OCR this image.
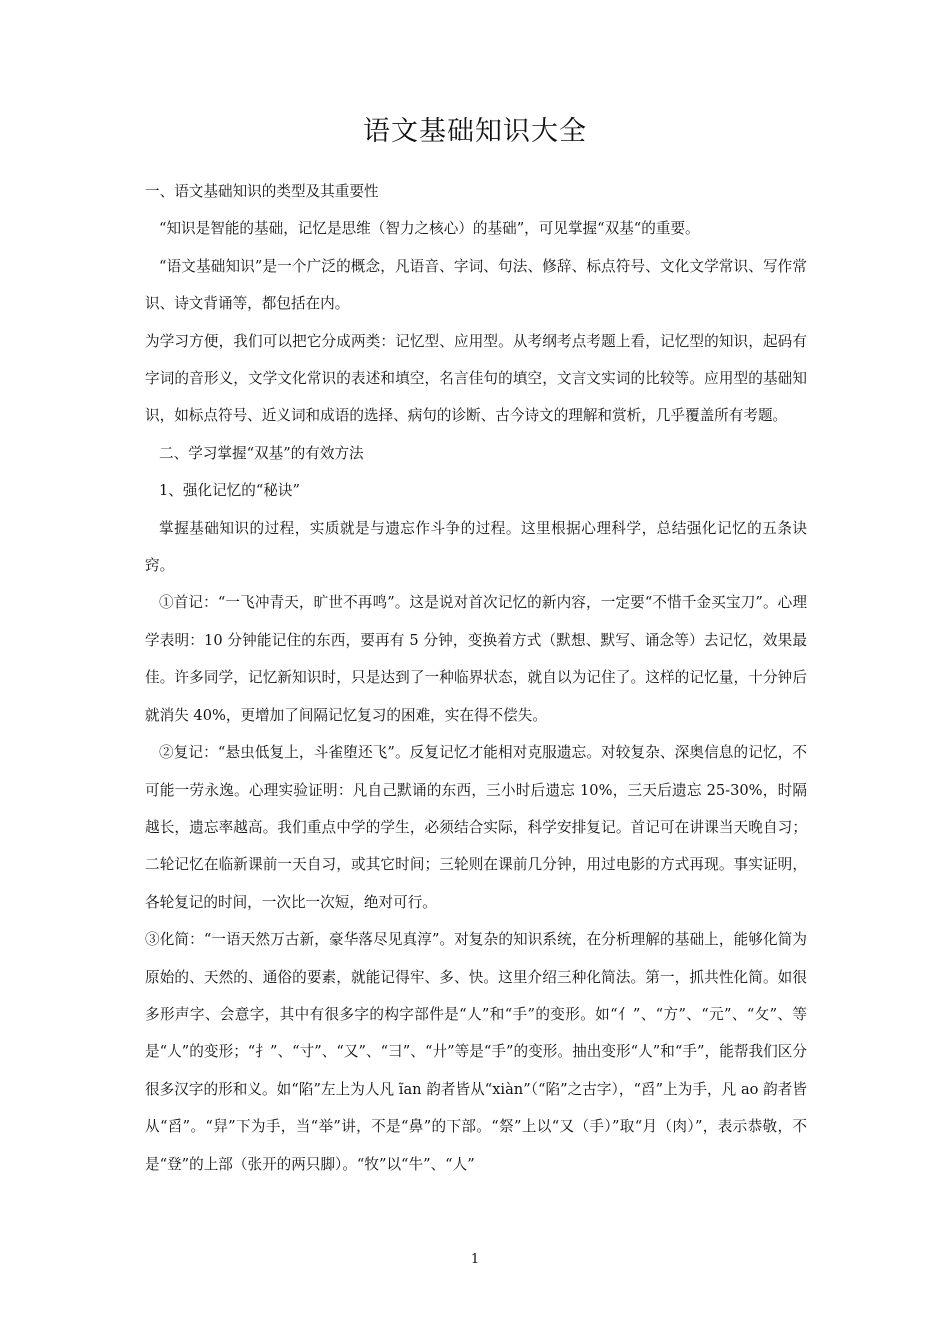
语文基础知识大全

一、语文基础知识的类型及其重要性

“知识是智能的基础，记忆是思维（智力之核心）的基础”，可见掌握“双基“的重要。

“语文基础知识”是一个广泛的概念，凡语音、字词、句法、修辞、标点符号、文化文学常识、写作常识、诗文背诵等，都包括在内。

为学习方便，我们可以把它分成两类：记忆型、应用型。从考纲考点考题上看，记忆型的知识，起码有字词的音形义，文学文化常识的表述和填空，名言佳句的填空，文言文实词的比较等。应用型的基础知识，如标点符号、近义词和成语的选择、病句的诊断、古今诗文的理解和赏析，几乎覆盖所有考题。

二、学习掌握“双基”的有效方法

1、强化记忆的“秘诀”

掌握基础知识的过程，实质就是与遗忘作斗争的过程。这里根据心理科学，总结强化记忆的五条诀窍。

①首记：“一飞冲青天，旷世不再鸣”。这是说对首次记忆的新内容，一定要“不惜千金买宝刀”。心理学表明：10 分钟能记住的东西，要再有 5 分钟，变换着方式（默想、默写、诵念等）去记忆，效果最佳。许多同学，记忆新知识时，只是达到了一种临界状态，就自以为记住了。这样的记忆量，十分钟后就消失 40%，更增加了间隔记忆复习的困难，实在得不偿失。

②复记：“悬虫低复上，斗雀堕还飞”。反复记忆才能相对克服遗忘。对较复杂、深奥信息的记忆，不可能一劳永逸。心理实验证明：凡自己默诵的东西，三小时后遗忘 10%，三天后遗忘 25-30%，时隔越长，遗忘率越高。我们重点中学的学生，必须结合实际，科学安排复记。首记可在讲课当天晚自习；二轮记忆在临新课前一天自习，或其它时间；三轮则在课前几分钟，用过电影的方式再现。事实证明，各轮复记的时间，一次比一次短，绝对可行。

③化简：“一语天然万古新，豪华落尽见真淳”。对复杂的知识系统，在分析理解的基础上，能够化简为原始的、天然的、通俗的要素，就能记得牢、多、快。这里介绍三种化简法。第一，抓共性化简。如很多形声字、会意字，其中有很多字的构字部件是“人”和“手”的变形。如“亻”、“方”、“元”、“攵”、等是“人”的变形；“扌”、“寸”、“又”、“彐”、“廾”等是“手”的变形。抽出变形“人”和“手”，能帮我们区分很多汉字的形和义。如“陷”左上为人凡 ĩan 韵者皆从“xiàn”（“陷”之古字），“舀”上为手，凡 ao 韵者皆从“舀”。“舁”下为手，当“举”讲，不是“鼻”的下部。“祭”上以“又（手）”取“月（肉）”，表示恭敬，不是“登”的上部（张开的两只脚）。“牧”以“牛”、“人”

1
